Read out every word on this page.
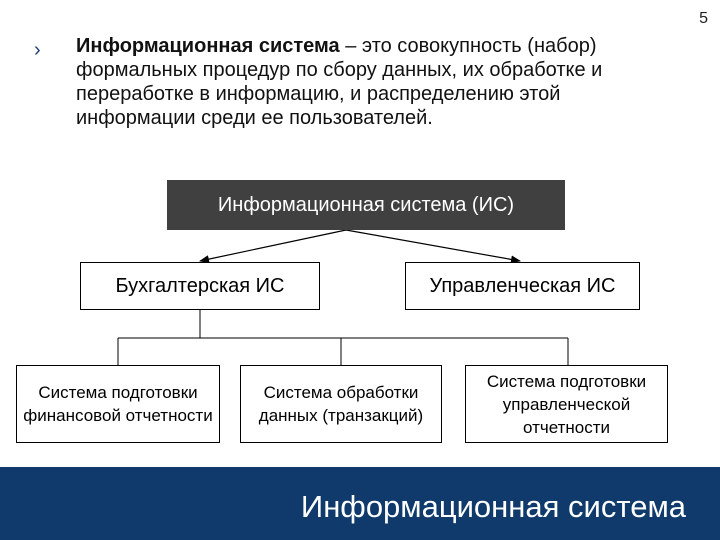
5
› Информационная система – это совокупность (набор) формальных процедур по сбору данных, их обработке и переработке в информацию, и распределению этой информации среди ее пользователей.
Информационная система (ИС)
Бухгалтерская ИС	Управленческая ИС
Система подготовки финансовой отчетности
Система обработки данных (транзакций)
Система подготовки управленческой отчетности
Информационная система
